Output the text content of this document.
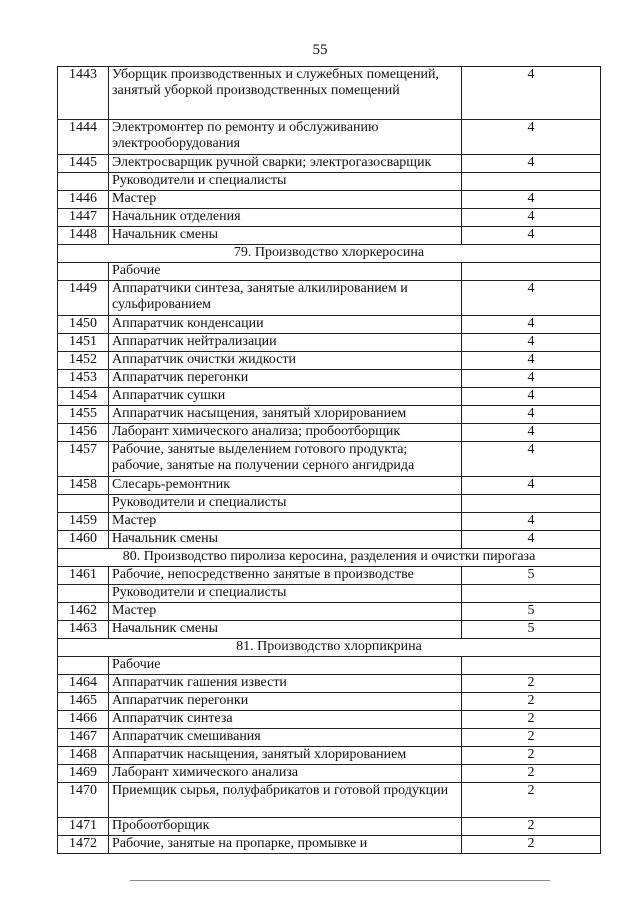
55
1443	Уборщик производственных и служебных помещений, занятый уборкой производственных помещений	4
1444	Электромонтер по ремонту и обслуживанию электрооборудования	4
1445	Электросварщик ручной сварки; электрогазосварщик	4
	Руководители и специалисты	
1446	Мастер	4
1447	Начальник отделения	4
1448	Начальник смены	4
79. Производство хлоркеросина		
	Рабочие	
1449	Аппаратчики синтеза, занятые алкилированием и сульфированием	4
1450	Аппаратчик конденсации	4
1451	Аппаратчик нейтрализации	4
1452	Аппаратчик очистки жидкости	4
1453	Аппаратчик перегонки	4
1454	Аппаратчик сушки	4
1455	Аппаратчик насыщения, занятый хлорированием	4
1456	Лаборант химического анализа; пробоотборщик	4
1457	Рабочие, занятые выделением готового продукта; рабочие, занятые на получении серного ангидрида	4
1458	Слесарь-ремонтник	4
	Руководители и специалисты	
1459	Мастер	4
1460	Начальник смены	4
80. Производство пиролиза керосина, разделения и очистки пирогаза		
1461	Рабочие, непосредственно занятые в производстве	5
	Руководители и специалисты	
1462	Мастер	5
1463	Начальник смены	5
81. Производство хлорпикрина		
	Рабочие	
1464	Аппаратчик гашения извести	2
1465	Аппаратчик перегонки	2
1466	Аппаратчик синтеза	2
1467	Аппаратчик смешивания	2
1468	Аппаратчик насыщения, занятый хлорированием	2
1469	Лаборант химического анализа	2
1470	Приемщик сырья, полуфабрикатов и готовой продукции	2
1471	Пробоотборщик	2
1472	Рабочие, занятые на пропарке, промывке и	2
